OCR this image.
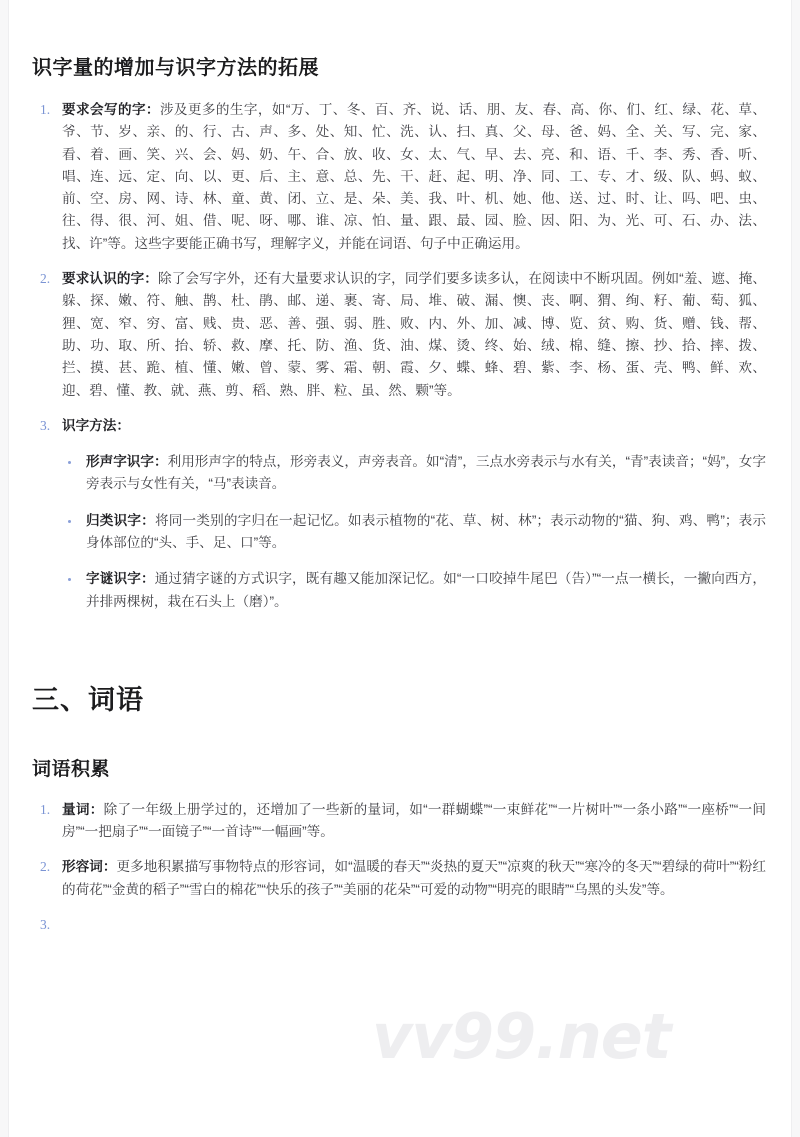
vv99.net
识字量的增加与识字方法的拓展

要求会写的字：涉及更多的生字，如“万、丁、冬、百、齐、说、话、朋、友、春、高、你、们、红、绿、花、草、爷、节、岁、亲、的、行、古、声、多、处、知、忙、洗、认、扫、真、父、母、爸、妈、全、关、写、完、家、看、着、画、笑、兴、会、妈、奶、午、合、放、收、女、太、气、早、去、亮、和、语、千、李、秀、香、听、唱、连、远、定、向、以、更、后、主、意、总、先、干、赶、起、明、净、同、工、专、才、级、队、蚂、蚁、前、空、房、网、诗、林、童、黄、闭、立、是、朵、美、我、叶、机、她、他、送、过、时、让、吗、吧、虫、往、得、很、河、姐、借、呢、呀、哪、谁、凉、怕、量、跟、最、园、脸、因、阳、为、光、可、石、办、法、找、许”等。这些字要能正确书写，理解字义，并能在词语、句子中正确运用。

要求认识的字：除了会写字外，还有大量要求认识的字，同学们要多读多认，在阅读中不断巩固。例如“羞、遮、掩、躲、探、嫩、符、触、鹊、杜、鹃、邮、递、裹、寄、局、堆、破、漏、懊、丧、啊、猬、绚、籽、葡、萄、狐、狸、宽、窄、穷、富、贱、贵、恶、善、强、弱、胜、败、内、外、加、减、博、览、贫、购、货、赠、钱、帮、助、功、取、所、抬、轿、救、摩、托、防、渔、货、油、煤、烫、终、始、绒、棉、缝、擦、抄、拾、摔、拨、拦、摸、甚、跪、植、懂、嫩、曾、蒙、雾、霜、朝、霞、夕、蝶、蜂、碧、紫、李、杨、蛋、壳、鸭、鲜、欢、迎、碧、懂、教、就、燕、剪、稻、熟、胖、粒、虽、然、颗”等。

识字方法：

形声字识字：利用形声字的特点，形旁表义，声旁表音。如“清”，三点水旁表示与水有关，“青”表读音；“妈”，女字旁表示与女性有关，“马”表读音。

归类识字：将同一类别的字归在一起记忆。如表示植物的“花、草、树、林”；表示动物的“猫、狗、鸡、鸭”；表示身体部位的“头、手、足、口”等。

字谜识字：通过猜字谜的方式识字，既有趣又能加深记忆。如“一口咬掉牛尾巴（告）”“一点一横长，一撇向西方，并排两棵树，栽在石头上（磨）”。

三、词语
词语积累

量词：除了一年级上册学过的，还增加了一些新的量词，如“一群蝴蝶”“一束鲜花”“一片树叶”“一条小路”“一座桥”“一间房”“一把扇子”“一面镜子”“一首诗”“一幅画”等。

形容词：更多地积累描写事物特点的形容词，如“温暖的春天”“炎热的夏天”“凉爽的秋天”“寒冷的冬天”“碧绿的荷叶”“粉红的荷花”“金黄的稻子”“雪白的棉花”“快乐的孩子”“美丽的花朵”“可爱的动物”“明亮的眼睛”“乌黑的头发”等。
